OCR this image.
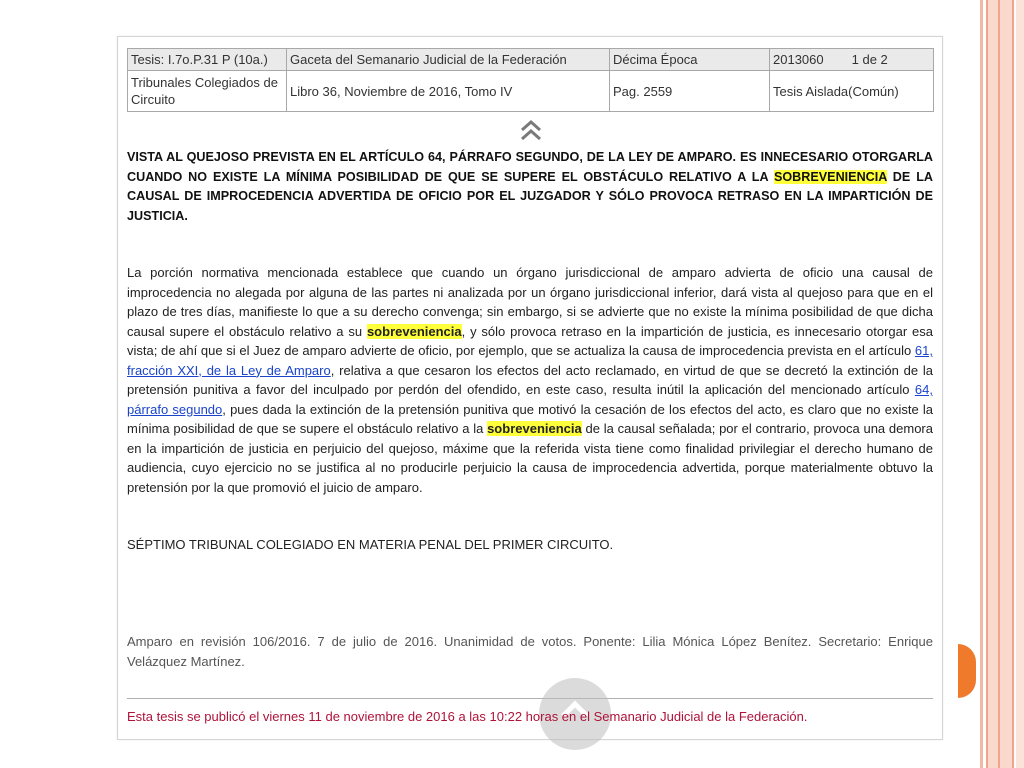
Tesis: I.7o.P.31 P (10a.)	Gaceta del Semanario Judicial de la Federación	Décima Época	2013060 1 de 2
Tribunales Colegiados de Circuito	Libro 36, Noviembre de 2016, Tomo IV	Pag. 2559	Tesis Aislada(Común)

VISTA AL QUEJOSO PREVISTA EN EL ARTÍCULO 64, PÁRRAFO SEGUNDO, DE LA LEY DE AMPARO. ES INNECESARIO OTORGARLA CUANDO NO EXISTE LA MÍNIMA POSIBILIDAD DE QUE SE SUPERE EL OBSTÁCULO RELATIVO A LA SOBREVENIENCIA DE LA CAUSAL DE IMPROCEDENCIA ADVERTIDA DE OFICIO POR EL JUZGADOR Y SÓLO PROVOCA RETRASO EN LA IMPARTICIÓN DE JUSTICIA.

La porción normativa mencionada establece que cuando un órgano jurisdiccional de amparo advierta de oficio una causal de improcedencia no alegada por alguna de las partes ni analizada por un órgano jurisdiccional inferior, dará vista al quejoso para que en el plazo de tres días, manifieste lo que a su derecho convenga; sin embargo, si se advierte que no existe la mínima posibilidad de que dicha causal supere el obstáculo relativo a su sobreveniencia, y sólo provoca retraso en la impartición de justicia, es innecesario otorgar esa vista; de ahí que si el Juez de amparo advierte de oficio, por ejemplo, que se actualiza la causa de improcedencia prevista en el artículo 61, fracción XXI, de la Ley de Amparo, relativa a que cesaron los efectos del acto reclamado, en virtud de que se decretó la extinción de la pretensión punitiva a favor del inculpado por perdón del ofendido, en este caso, resulta inútil la aplicación del mencionado artículo 64, párrafo segundo, pues dada la extinción de la pretensión punitiva que motivó la cesación de los efectos del acto, es claro que no existe la mínima posibilidad de que se supere el obstáculo relativo a la sobreveniencia de la causal señalada; por el contrario, provoca una demora en la impartición de justicia en perjuicio del quejoso, máxime que la referida vista tiene como finalidad privilegiar el derecho humano de audiencia, cuyo ejercicio no se justifica al no producirle perjuicio la causa de improcedencia advertida, porque materialmente obtuvo la pretensión por la que promovió el juicio de amparo.

SÉPTIMO TRIBUNAL COLEGIADO EN MATERIA PENAL DEL PRIMER CIRCUITO.

Amparo en revisión 106/2016. 7 de julio de 2016. Unanimidad de votos. Ponente: Lilia Mónica López Benítez. Secretario: Enrique Velázquez Martínez.

Esta tesis se publicó el viernes 11 de noviembre de 2016 a las 10:22 horas en el Semanario Judicial de la Federación.
